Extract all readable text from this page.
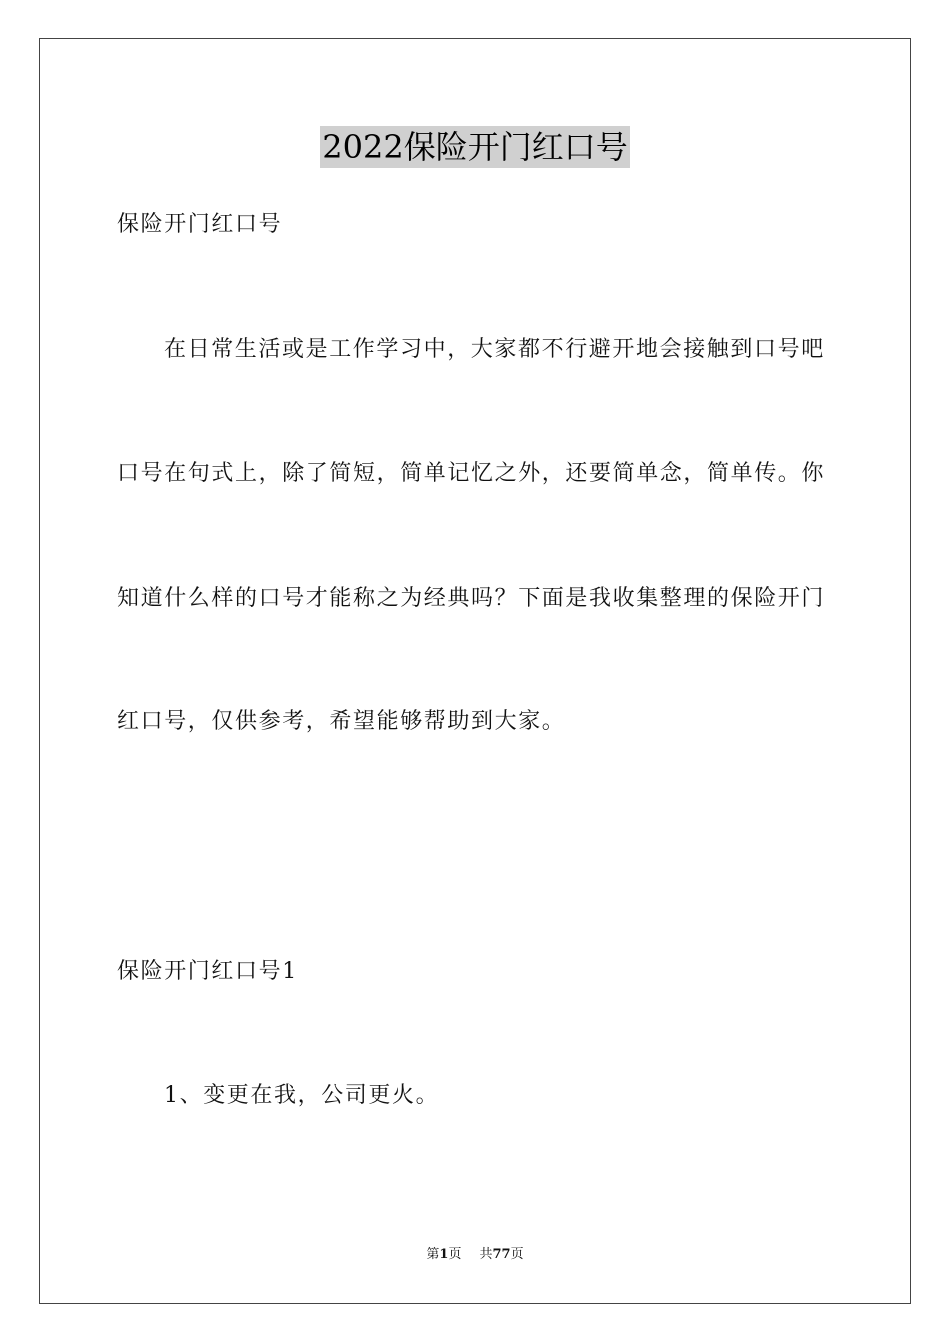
2022保险开门红口号
保险开门红口号
在日常生活或是工作学习中，大家都不行避开地会接触到口号吧
口号在句式上，除了简短，简单记忆之外，还要简单念，简单传。你
知道什么样的口号才能称之为经典吗？下面是我收集整理的保险开门
红口号，仅供参考，希望能够帮助到大家。
保险开门红口号1
1、变更在我，公司更火。
第1页 共77页
